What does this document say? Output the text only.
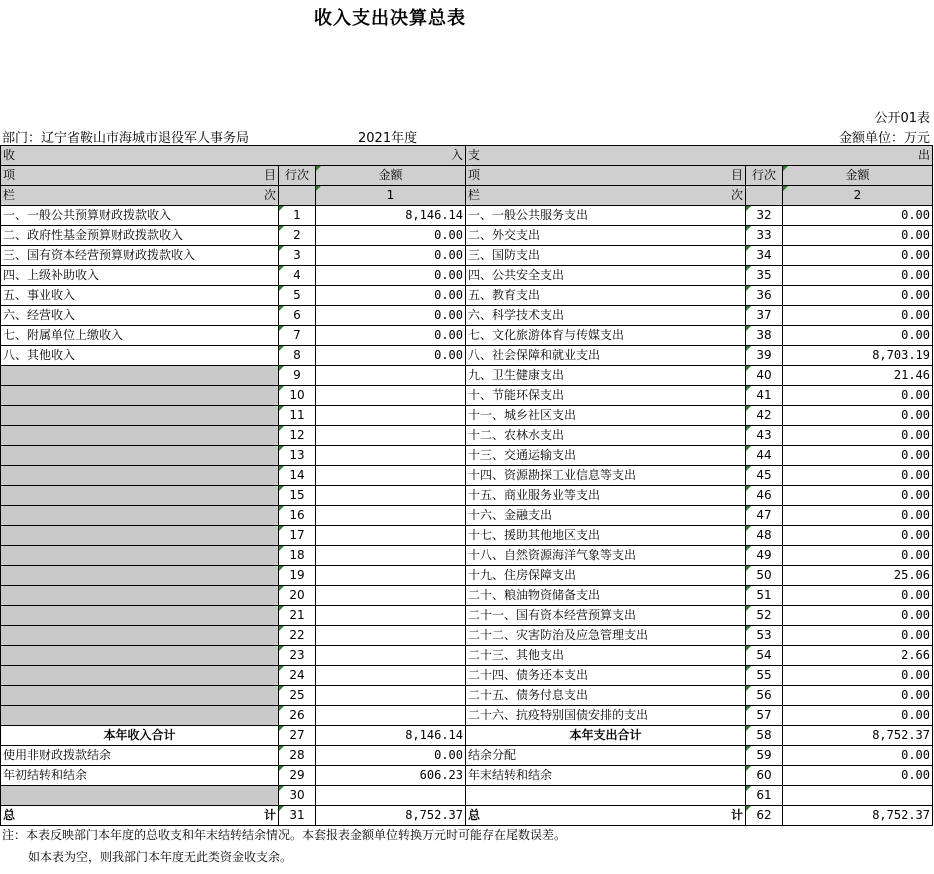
收入支出决算总表
公开01表
部门：辽宁省鞍山市海城市退役军人事务局	2021年度	金额单位：万元
收 入			支 出		

项 目	行次	金额	项 目	行次	金额

栏 次		1	栏 次		2
一、一般公共预算财政拨款收入	1	8,146.14	一、一般公共服务支出	32	0.00
二、政府性基金预算财政拨款收入	2	0.00	二、外交支出	33	0.00
三、国有资本经营预算财政拨款收入	3	0.00	三、国防支出	34	0.00
四、上级补助收入	4	0.00	四、公共安全支出	35	0.00
五、事业收入	5	0.00	五、教育支出	36	0.00
六、经营收入	6	0.00	六、科学技术支出	37	0.00
七、附属单位上缴收入	7	0.00	七、文化旅游体育与传媒支出	38	0.00
八、其他收入	8	0.00	八、社会保障和就业支出	39	8,703.19
	9		九、卫生健康支出	40	21.46
	10		十、节能环保支出	41	0.00
	11		十一、城乡社区支出	42	0.00
	12		十二、农林水支出	43	0.00
	13		十三、交通运输支出	44	0.00
	14		十四、资源勘探工业信息等支出	45	0.00
	15		十五、商业服务业等支出	46	0.00
	16		十六、金融支出	47	0.00
	17		十七、援助其他地区支出	48	0.00
	18		十八、自然资源海洋气象等支出	49	0.00
	19		十九、住房保障支出	50	25.06
	20		二十、粮油物资储备支出	51	0.00
	21		二十一、国有资本经营预算支出	52	0.00
	22		二十二、灾害防治及应急管理支出	53	0.00
	23		二十三、其他支出	54	2.66
	24		二十四、债务还本支出	55	0.00
	25		二十五、债务付息支出	56	0.00
	26		二十六、抗疫特别国债安排的支出	57	0.00
本年收入合计	27	8,146.14	本年支出合计	58	8,752.37
使用非财政拨款结余	28	0.00	结余分配	59	0.00
年初结转和结余	29	606.23	年末结转和结余	60	0.00
	30			61	

总 计	31	8,752.37	总 计	62	8,752.37
注：本表反映部门本年度的总收支和年末结转结余情况。本套报表金额单位转换万元时可能存在尾数误差。
如本表为空，则我部门本年度无此类资金收支余。
